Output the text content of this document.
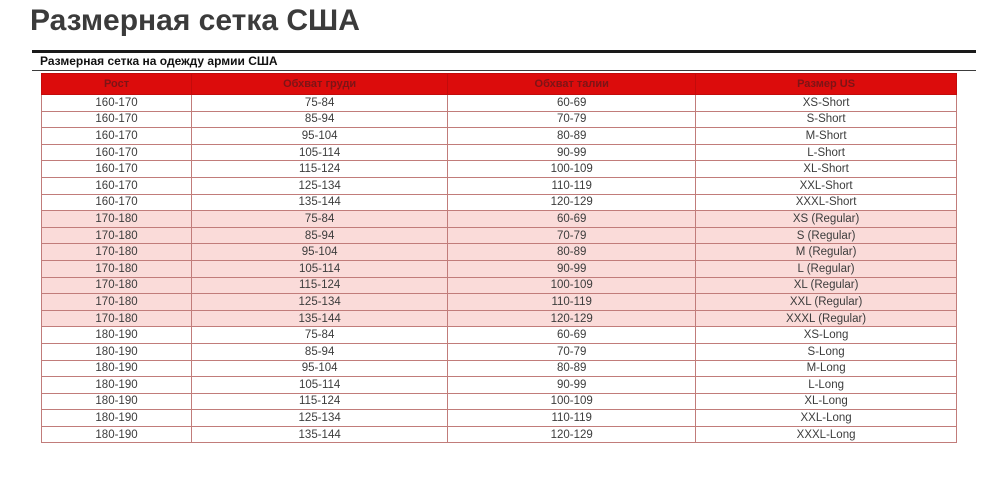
Размерная сетка США
Размерная сетка на одежду армии США
Рост	Обхват груди	Обхват талии	Размер US
160-170	75-84	60-69	XS-Short
160-170	85-94	70-79	S-Short
160-170	95-104	80-89	M-Short
160-170	105-114	90-99	L-Short
160-170	115-124	100-109	XL-Short
160-170	125-134	110-119	XXL-Short
160-170	135-144	120-129	XXXL-Short
170-180	75-84	60-69	XS (Regular)
170-180	85-94	70-79	S (Regular)
170-180	95-104	80-89	M (Regular)
170-180	105-114	90-99	L (Regular)
170-180	115-124	100-109	XL (Regular)
170-180	125-134	110-119	XXL (Regular)
170-180	135-144	120-129	XXXL (Regular)
180-190	75-84	60-69	XS-Long
180-190	85-94	70-79	S-Long
180-190	95-104	80-89	M-Long
180-190	105-114	90-99	L-Long
180-190	115-124	100-109	XL-Long
180-190	125-134	110-119	XXL-Long
180-190	135-144	120-129	XXXL-Long
